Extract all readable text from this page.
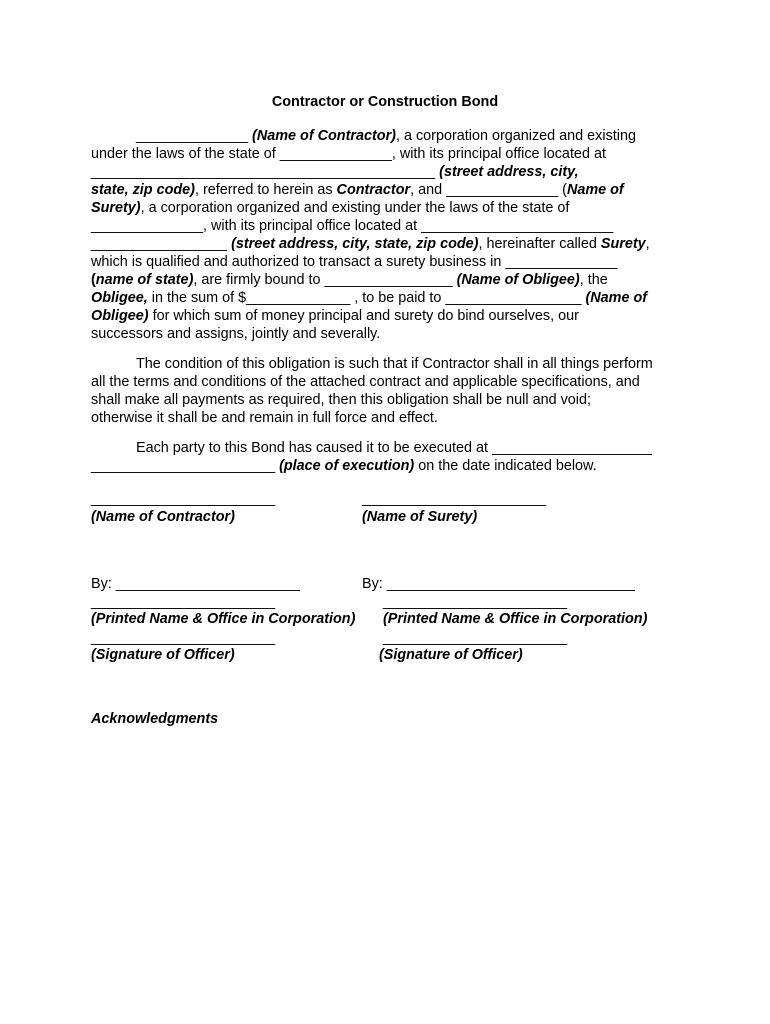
Contractor or Construction Bond
______________ (Name of Contractor), a corporation organized and existing
under the laws of the state of ______________, with its principal office located at
___________________________________________ (street address, city,
state, zip code), referred to herein as Contractor, and ______________ (Name of
Surety), a corporation organized and existing under the laws of the state of
______________, with its principal office located at ________________________
_________________ (street address, city, state, zip code), hereinafter called Surety,
which is qualified and authorized to transact a surety business in ______________
(name of state), are firmly bound to ________________ (Name of Obligee), the
Obligee, in the sum of $_____________ , to be paid to _________________ (Name of
Obligee) for which sum of money principal and surety do bind ourselves, our
successors and assigns, jointly and severally.
The condition of this obligation is such that if Contractor shall in all things perform
all the terms and conditions of the attached contract and applicable specifications, and
shall make all payments as required, then this obligation shall be null and void;
otherwise it shall be and remain in full force and effect.
Each party to this Bond has caused it to be executed at ____________________
_______________________ (place of execution) on the date indicated below.
_______________________	_______________________
(Name of Contractor)	(Name of Surety)
By: _______________________	By: _______________________________
_______________________	_______________________
(Printed Name & Office in Corporation) (Printed Name & Office in Corporation)
_______________________	_______________________
(Signature of Officer)	(Signature of Officer)
Acknowledgments
